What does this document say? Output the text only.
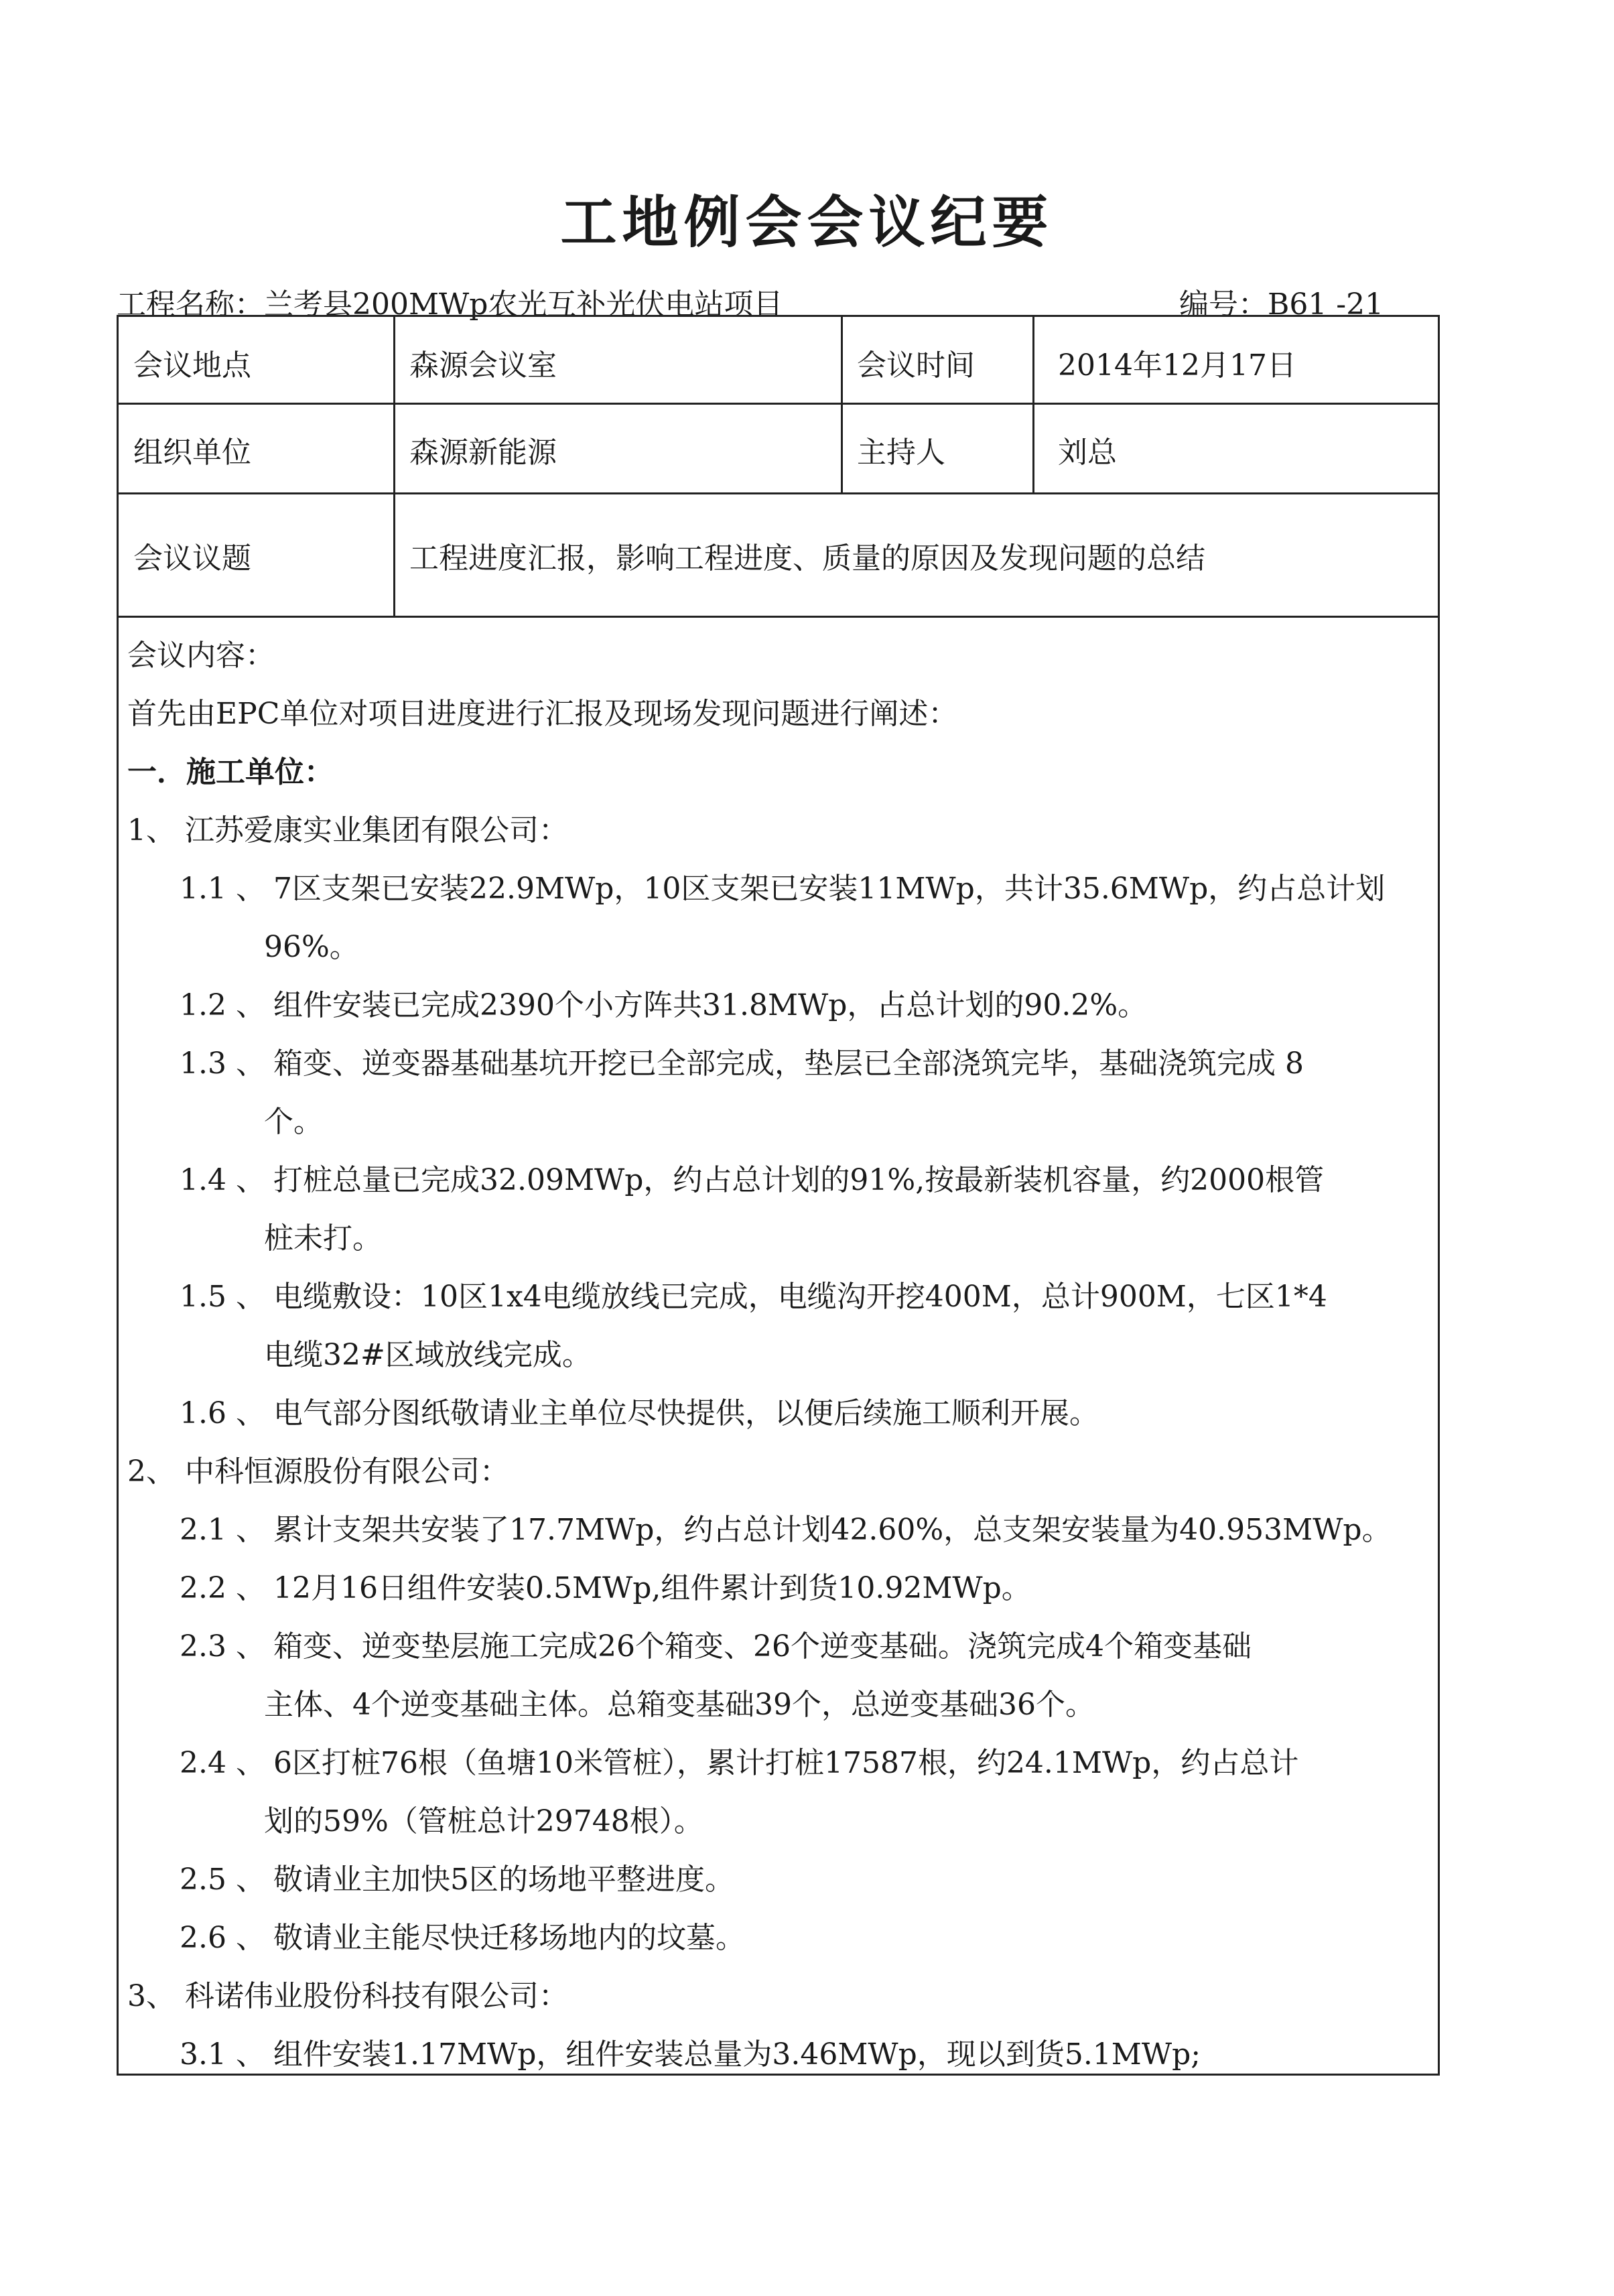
工地例会会议纪要
工程名称：兰考县200MWp农光互补光伏电站项目	编号：B61 -21
会议地点	森源会议室	会议时间	2014年12月17日
组织单位	森源新能源	主持人	刘总
会议议题	工程进度汇报，影响工程进度、质量的原因及发现问题的总结
会议内容：
首先由EPC单位对项目进度进行汇报及现场发现问题进行阐述：
一．施工单位：
1、 江苏爱康实业集团有限公司：
1.1 、 7区支架已安装22.9MWp，10区支架已安装11MWp，共计35.6MWp，约占总计划
96%。
1.2 、 组件安装已完成2390个小方阵共31.8MWp，占总计划的90.2%。
1.3 、 箱变、逆变器基础基坑开挖已全部完成，垫层已全部浇筑完毕，基础浇筑完成 8
个。
1.4 、 打桩总量已完成32.09MWp，约占总计划的91%,按最新装机容量，约2000根管
桩未打。
1.5 、 电缆敷设：10区1x4电缆放线已完成，电缆沟开挖400M，总计900M，七区1*4
电缆32#区域放线完成。
1.6 、 电气部分图纸敬请业主单位尽快提供，以便后续施工顺利开展。
2、 中科恒源股份有限公司：
2.1 、 累计支架共安装了17.7MWp，约占总计划42.60%，总支架安装量为40.953MWp。
2.2 、 12月16日组件安装0.5MWp,组件累计到货10.92MWp。
2.3 、 箱变、逆变垫层施工完成26个箱变、26个逆变基础。浇筑完成4个箱变基础
主体、4个逆变基础主体。总箱变基础39个，总逆变基础36个。
2.4 、 6区打桩76根（鱼塘10米管桩），累计打桩17587根，约24.1MWp，约占总计
划的59%（管桩总计29748根）。
2.5 、 敬请业主加快5区的场地平整进度。
2.6 、 敬请业主能尽快迁移场地内的坟墓。
3、 科诺伟业股份科技有限公司：
3.1 、 组件安装1.17MWp，组件安装总量为3.46MWp，现以到货5.1MWp;
